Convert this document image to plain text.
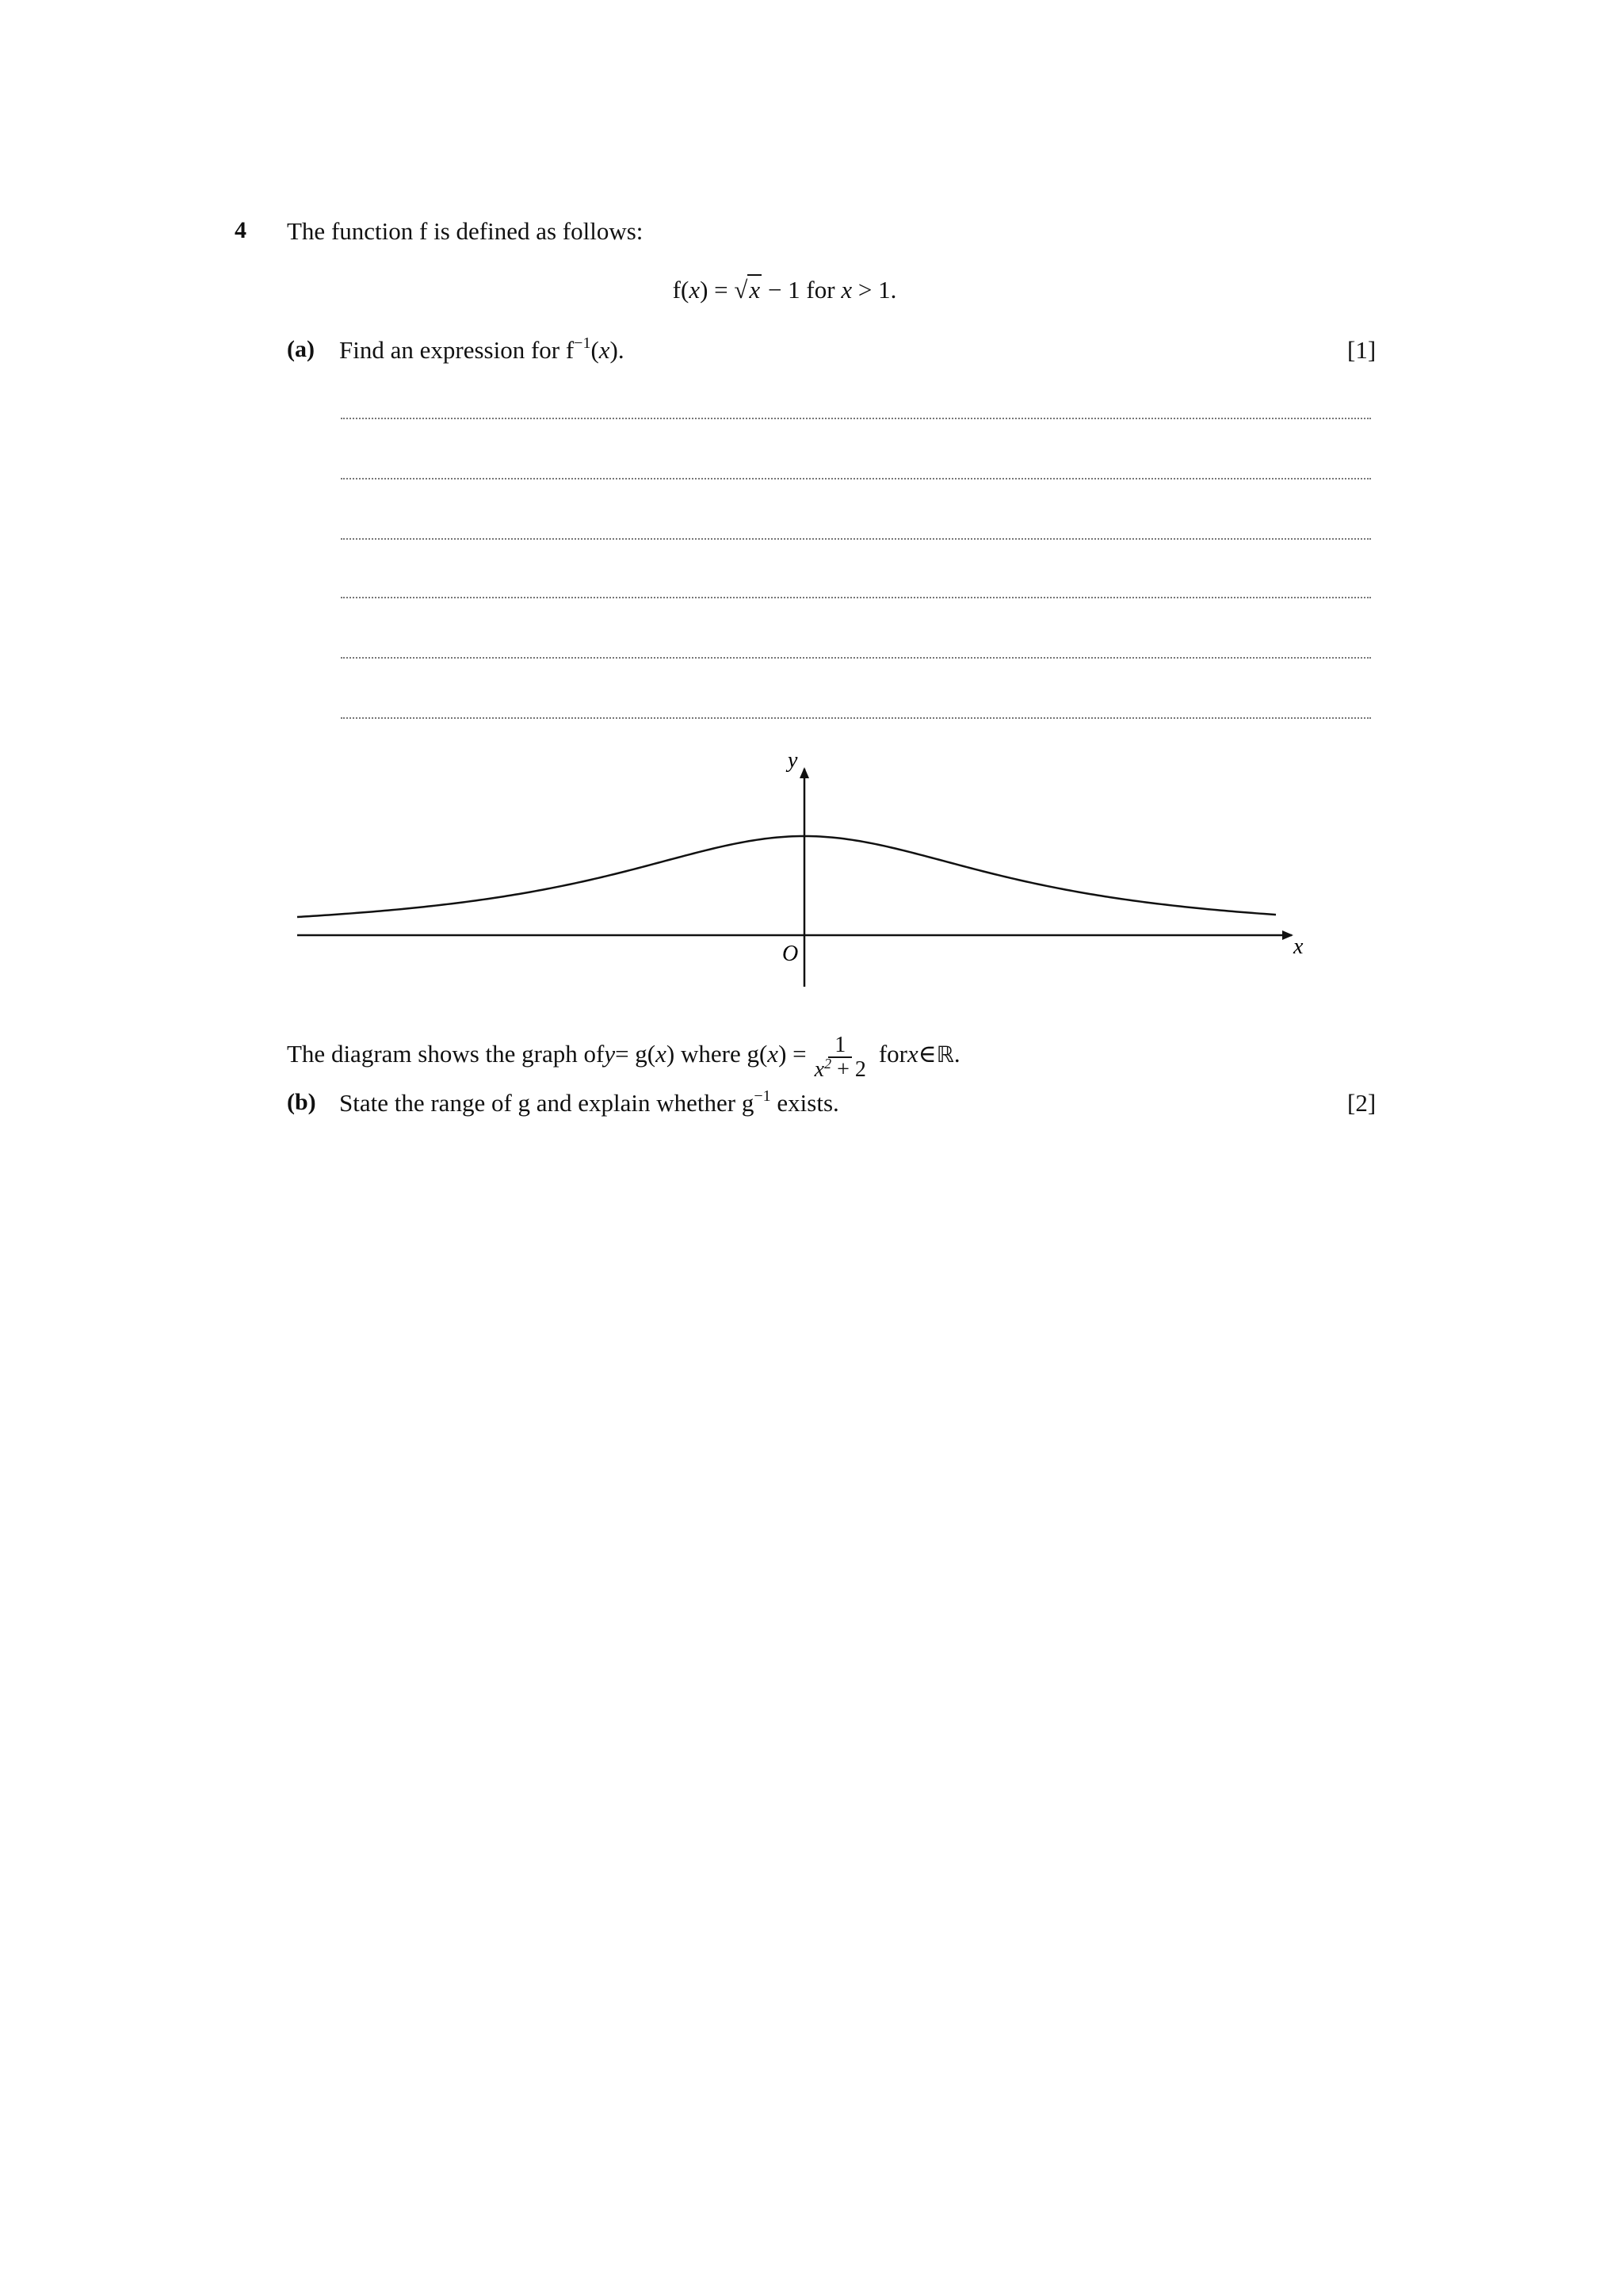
4 The function f is defined as follows:
f(x) = √x − 1 for x > 1.
(a) Find an expression for $f^{-1}(x)$.	[1]
y
x
O
The diagram shows the graph of y = g( x ) where g( x ) = $\frac{1}{x^2 + 2}$ for x ∈ ℝ .
(b) State the range of g and explain whether $g^{-1}$ exists.	[2]
